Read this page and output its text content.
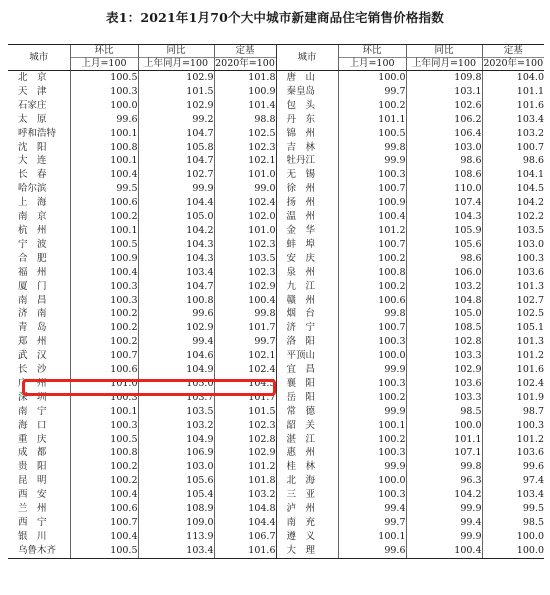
表1：2021年1月70个大中城市新建商品住宅销售价格指数
城市	环比	同比	定基	城市	环比	同比	定基
	上月=100	上年同月=100	2020年=100		上月=100	上年同月=100	2020年=100
北　京	100.5	102.9	101.8	唐　山	100.0	109.8	104.0
天　津	100.3	101.5	100.9	秦皇岛	99.7	103.1	101.1
石家庄	100.0	102.9	101.4	包　头	100.2	102.6	101.6
太　原	99.6	99.2	98.8	丹　东	101.1	106.2	103.4
呼和浩特	100.1	104.7	102.5	锦　州	100.5	106.4	103.2
沈　阳	100.8	105.8	102.3	吉　林	99.8	103.0	100.7
大　连	100.1	104.7	102.1	牡丹江	99.9	98.6	98.6
长　春	100.4	102.7	101.0	无　锡	100.3	108.6	104.1
哈尔滨	99.5	99.9	99.0	徐　州	100.7	110.0	104.5
上　海	100.6	104.4	102.4	扬　州	100.9	107.4	104.2
南　京	100.2	105.0	102.0	温　州	100.4	104.3	102.2
杭　州	100.1	104.2	101.0	金　华	101.2	105.9	103.5
宁　波	100.5	104.3	102.3	蚌　埠	100.7	105.6	103.0
合　肥	100.9	104.3	103.5	安　庆	100.2	98.6	100.3
福　州	100.4	103.4	102.3	泉　州	100.8	106.0	103.6
厦　门	100.3	104.7	102.9	九　江	100.2	103.2	101.3
南　昌	100.3	100.8	100.4	赣　州	100.6	104.8	102.7
济　南	100.2	99.6	99.8	烟　台	99.8	105.0	102.5
青　岛	100.2	102.9	101.7	济　宁	100.7	108.5	105.1
郑　州	100.2	99.4	99.7	洛　阳	100.3	102.8	101.3
武　汉	100.7	104.6	102.1	平顶山	100.0	103.3	101.2
长　沙	100.6	104.9	102.4	宜　昌	99.9	102.9	101.6
广　州	101.0	105.0	104.5	襄　阳	100.3	103.6	102.4
深　圳	100.3	103.7	101.7	岳　阳	100.2	103.3	101.9
南　宁	100.1	103.5	101.5	常　德	99.9	98.5	98.7
海　口	100.3	103.2	102.3	韶　关	100.1	100.0	100.3
重　庆	100.5	104.9	102.8	湛　江	100.2	101.1	101.2
成　都	100.8	106.9	102.9	惠　州	100.3	107.1	103.6
贵　阳	100.2	103.0	101.2	桂　林	99.9	99.8	99.6
昆　明	100.2	105.6	101.8	北　海	100.0	96.3	97.4
西　安	100.4	105.4	103.2	三　亚	100.3	104.2	103.4
兰　州	100.6	108.9	104.8	泸　州	99.4	99.9	99.5
西　宁	100.7	109.0	104.4	南　充	99.7	99.4	98.5
银　川	100.4	113.9	106.7	遵　义	100.1	99.9	100.0
乌鲁木齐	100.5	103.4	101.6	大　理	99.6	100.4	100.0
